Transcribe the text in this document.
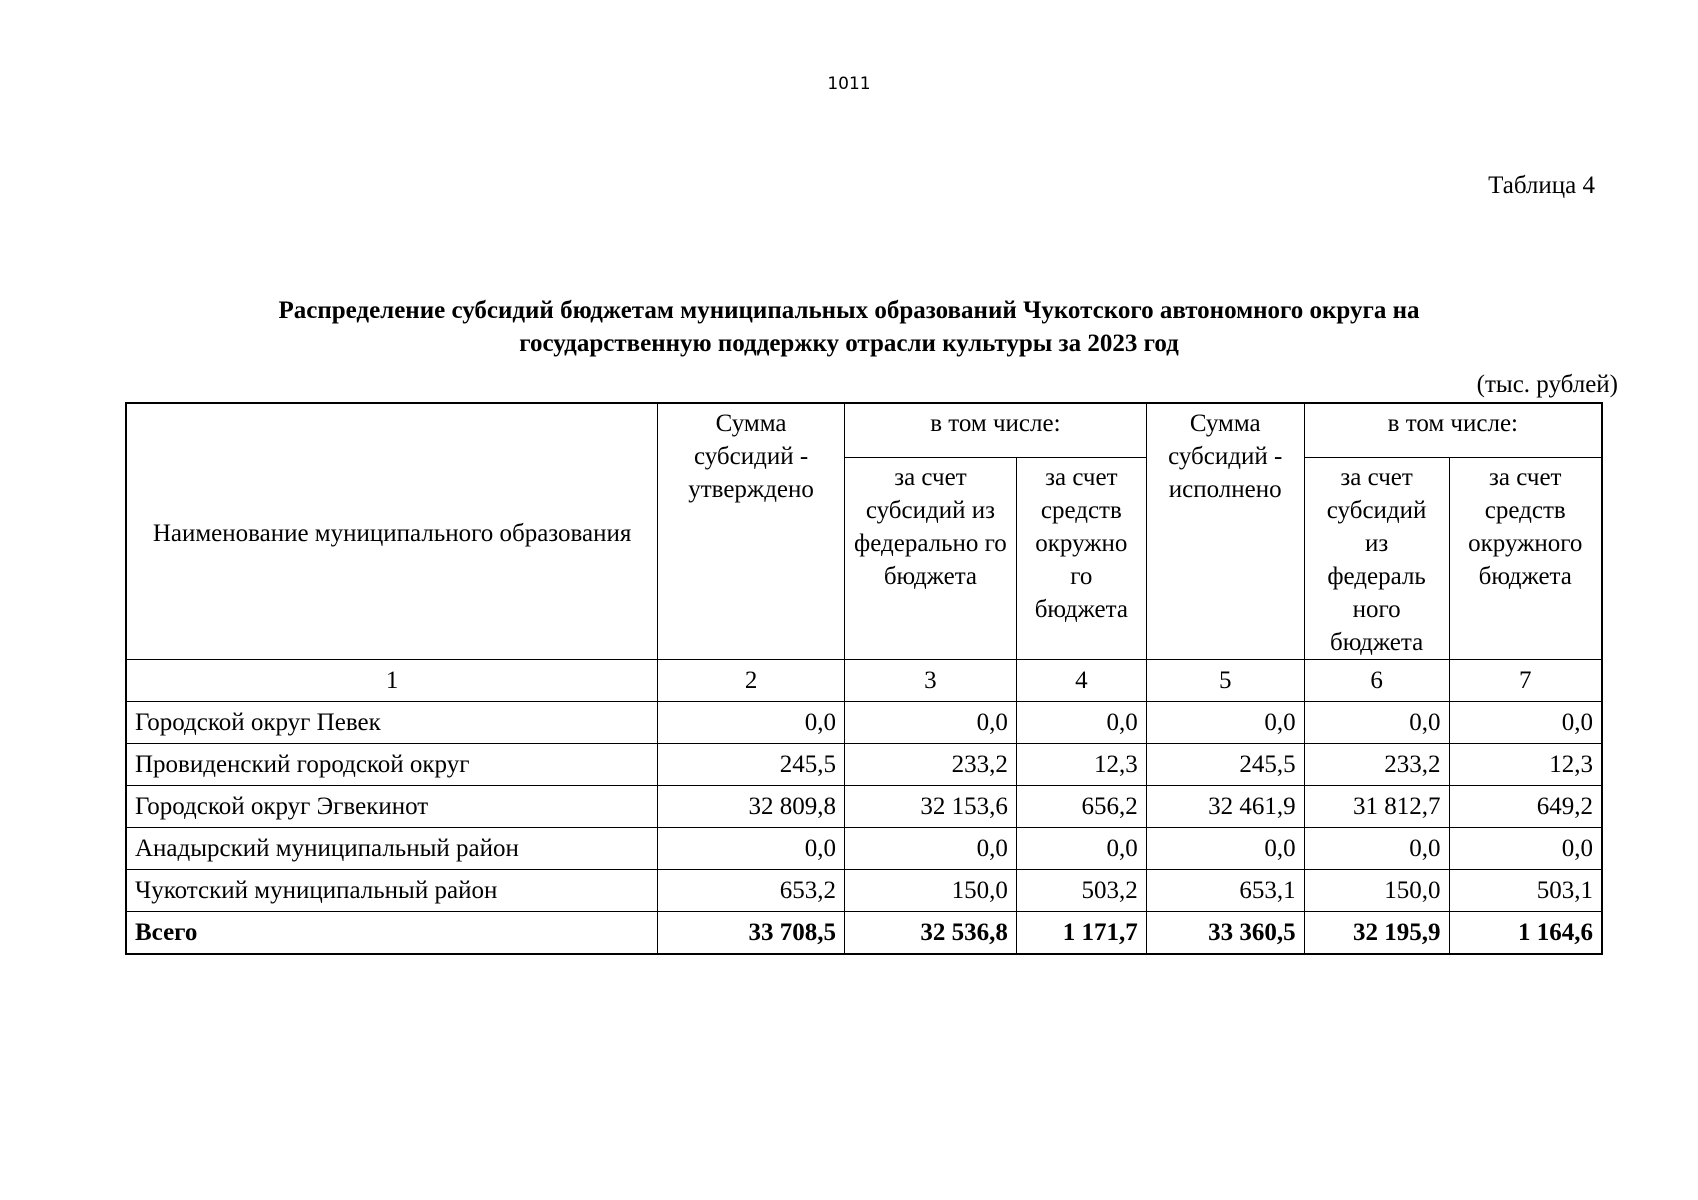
1011
Таблица 4
Распределение субсидий бюджетам муниципальных образований Чукотского автономного округа на
государственную поддержку отрасли культуры за 2023 год
(тыс. рублей)
Наименование муниципального образования	Сумма субсидий - утверждено	в том числе:		Сумма субсидий - исполнено	в том числе:	
		за счет субсидий из федерально го бюджета	за счет средств окружно го бюджета		за счет субсидий из федераль ного бюджета	за счет средств окружного бюджета
1	2	3	4	5	6	7
Городской округ Певек	0,0	0,0	0,0	0,0	0,0	0,0
Провиденский городской округ	245,5	233,2	12,3	245,5	233,2	12,3
Городской округ Эгвекинот	32 809,8	32 153,6	656,2	32 461,9	31 812,7	649,2
Анадырский муниципальный район	0,0	0,0	0,0	0,0	0,0	0,0
Чукотский муниципальный район	653,2	150,0	503,2	653,1	150,0	503,1
Всего	33 708,5	32 536,8	1 171,7	33 360,5	32 195,9	1 164,6
